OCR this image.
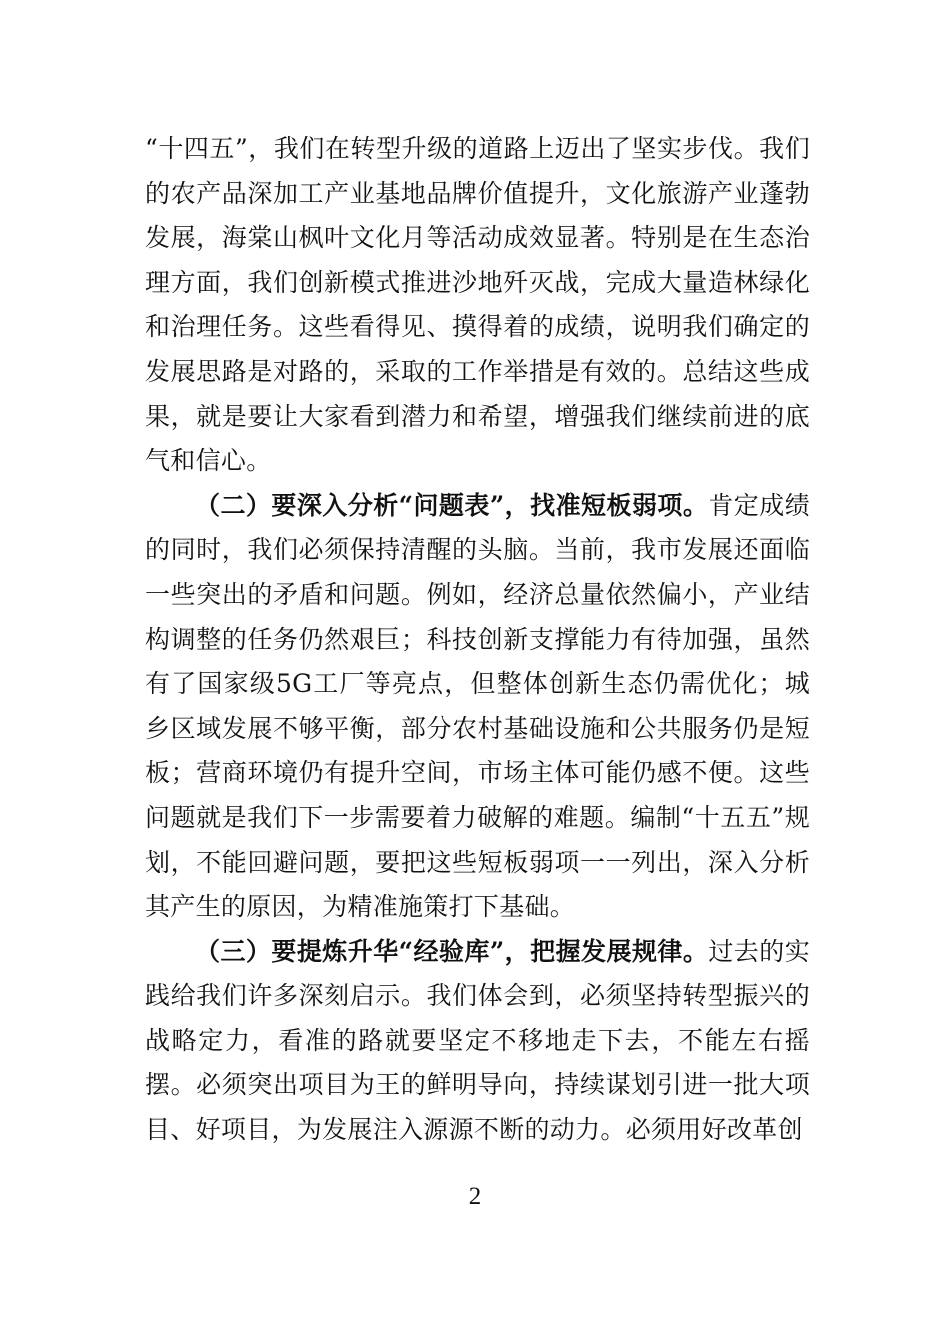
“十四五”，我们在转型升级的道路上迈出了坚实步伐。我们的农产品深加工产业基地品牌价值提升，文化旅游产业蓬勃发展，海棠山枫叶文化月等活动成效显著。特别是在生态治理方面，我们创新模式推进沙地歼灭战，完成大量造林绿化和治理任务。这些看得见、摸得着的成绩，说明我们确定的发展思路是对路的，采取的工作举措是有效的。总结这些成果，就是要让大家看到潜力和希望，增强我们继续前进的底气和信心。

（二）要深入分析“问题表”，找准短板弱项。肯定成绩的同时，我们必须保持清醒的头脑。当前，我市发展还面临一些突出的矛盾和问题。例如，经济总量依然偏小，产业结构调整的任务仍然艰巨；科技创新支撑能力有待加强，虽然有了国家级5G工厂等亮点，但整体创新生态仍需优化；城乡区域发展不够平衡，部分农村基础设施和公共服务仍是短板；营商环境仍有提升空间，市场主体可能仍感不便。这些问题就是我们下一步需要着力破解的难题。编制“十五五”规划，不能回避问题，要把这些短板弱项一一列出，深入分析其产生的原因，为精准施策打下基础。

（三）要提炼升华“经验库”，把握发展规律。过去的实践给我们许多深刻启示。我们体会到，必须坚持转型振兴的战略定力，看准的路就要坚定不移地走下去，不能左右摇摆。必须突出项目为王的鲜明导向，持续谋划引进一批大项目、好项目，为发展注入源源不断的动力。必须用好改革创

2
